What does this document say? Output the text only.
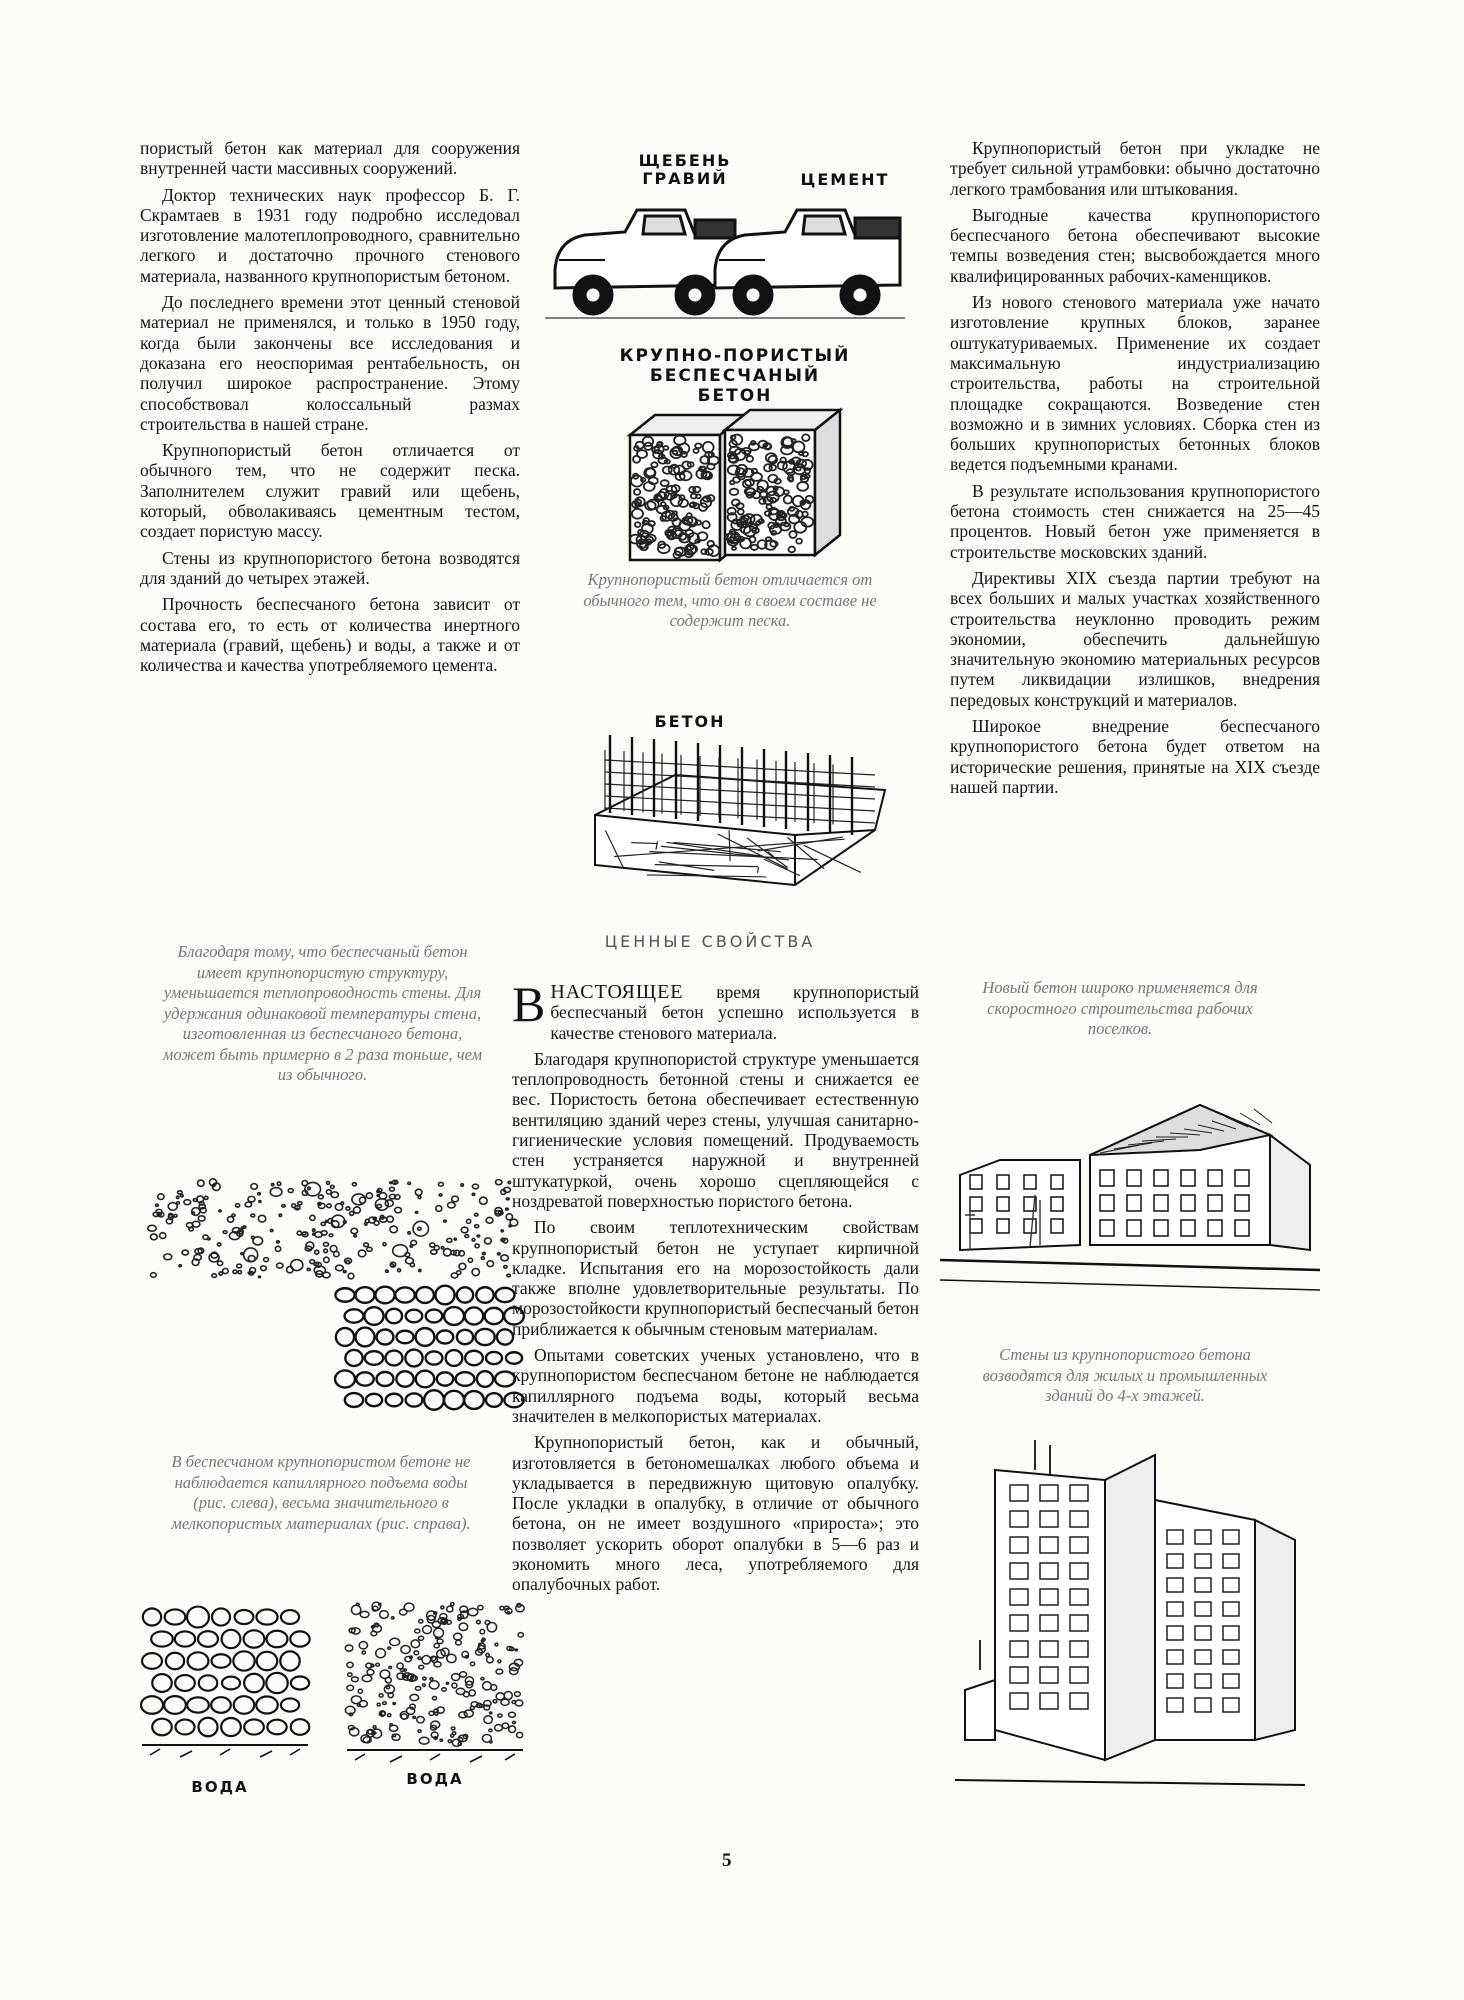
пористый бетон как материал для сооружения внутренней части массивных сооружений.

Доктор технических наук профессор Б. Г. Скрамтаев в 1931 году подробно исследовал изготовление малотеплопроводного, сравнительно легкого и достаточно прочного стенового материала, названного крупнопористым бетоном.

До последнего времени этот ценный стеновой материал не применялся, и только в 1950 году, когда были закончены все исследования и доказана его неоспоримая рентабельность, он получил широкое распространение. Этому способствовал колоссальный размах строительства в нашей стране.

Крупнопористый бетон отличается от обычного тем, что не содержит песка. Заполнителем служит гравий или щебень, который, обволакиваясь цементным тестом, создает пористую массу.

Стены из крупнопористого бетона возводятся для зданий до четырех этажей.

Прочность беспесчаного бетона зависит от состава его, то есть от количества инертного материала (гравий, щебень) и воды, а также и от количества и качества употребляемого цемента.

Благодаря тому, что беспесчаный бетон имеет крупнопористую структуру, уменьшается теплопроводность стены. Для удержания одинаковой температуры стена, изготовленная из беспесчаного бетона, может быть примерно в 2 раза тоньше, чем из обычного.
В беспесчаном крупнопористом бетоне не наблюдается капиллярного подъема воды (рис. слева), весьма значительного в мелкопористых материалах (рис. справа).
ВОДА	ВОДА
ЩЕБЕНЬ ГРАВИЙ	ЦЕМЕНТ
КРУПНО-ПОРИСТЫЙ
БЕСПЕСЧАНЫЙ БЕТОН
Крупнопористый бетон отличается от обычного тем, что он в своем составе не содержит песка.
БЕТОН
ЦЕННЫЕ СВОЙСТВА

ВНАСТОЯЩЕЕ время крупнопористый беспесчаный бетон успешно используется в качестве стенового материала.

Благодаря крупнопористой структуре уменьшается теплопроводность бетонной стены и снижается ее вес. Пористость бетона обеспечивает естественную вентиляцию зданий через стены, улучшая санитарно-гигиенические условия помещений. Продуваемость стен устраняется наружной и внутренней штукатуркой, очень хорошо сцепляющейся с ноздреватой поверхностью пористого бетона.

По своим теплотехническим свойствам крупнопористый бетон не уступает кирпичной кладке. Испытания его на морозостойкость дали также вполне удовлетворительные результаты. По морозостойкости крупнопористый беспесчаный бетон приближается к обычным стеновым материалам.

Опытами советских ученых установлено, что в крупнопористом беспесчаном бетоне не наблюдается капиллярного подъема воды, который весьма значителен в мелкопористых материалах.

Крупнопористый бетон, как и обычный, изготовляется в бетономешалках любого объема и укладывается в передвижную щитовую опалубку. После укладки в опалубку, в отличие от обычного бетона, он не имеет воздушного «прироста»; это позволяет ускорить оборот опалубки в 5—6 раз и экономить много леса, употребляемого для опалубочных работ.

Крупнопористый бетон при укладке не требует сильной утрамбовки: обычно достаточно легкого трамбования или штыкования.

Выгодные качества крупнопористого беспесчаного бетона обеспечивают высокие темпы возведения стен; высвобождается много квалифицированных рабочих-каменщиков.

Из нового стенового материала уже начато изготовление крупных блоков, заранее оштукатуриваемых. Применение их создает максимальную индустриализацию строительства, работы на строительной площадке сокращаются. Возведение стен возможно и в зимних условиях. Сборка стен из больших крупнопористых бетонных блоков ведется подъемными кранами.

В результате использования крупнопористого бетона стоимость стен снижается на 25—45 процентов. Новый бетон уже применяется в строительстве московских зданий.

Директивы XIX съезда партии требуют на всех больших и малых участках хозяйственного строительства неуклонно проводить режим экономии, обеспечить дальнейшую значительную экономию материальных ресурсов путем ликвидации излишков, внедрения передовых конструкций и материалов.

Широкое внедрение беспесчаного крупнопористого бетона будет ответом на исторические решения, принятые на XIX съезде нашей партии.

Новый бетон широко применяется для скоростного строительства рабочих поселков.
Стены из крупнопористого бетона возводятся для жилых и промышленных зданий до 4-х этажей.
5
